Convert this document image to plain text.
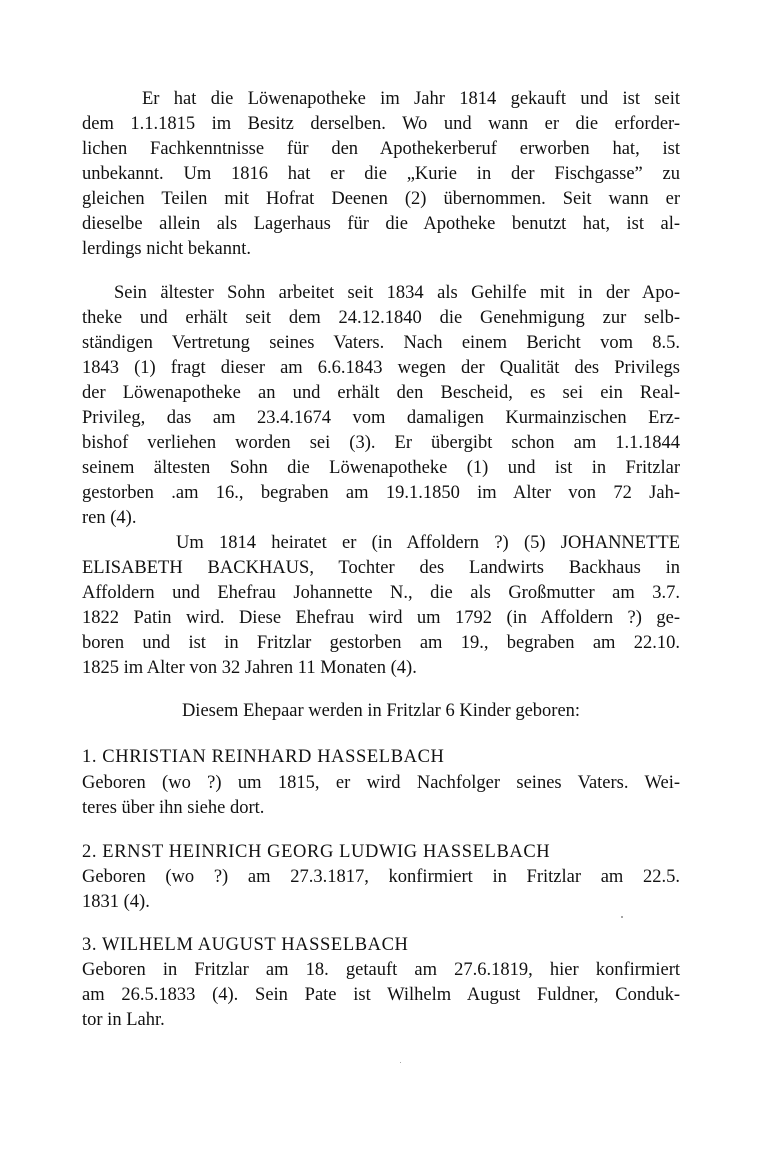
Er hat die Löwenapotheke im Jahr 1814 gekauft und ist seit
dem 1.1.1815 im Besitz derselben. Wo und wann er die erforder-
lichen Fachkenntnisse für den Apothekerberuf erworben hat, ist
unbekannt. Um 1816 hat er die „Kurie in der Fischgasse” zu
gleichen Teilen mit Hofrat Deenen (2) übernommen. Seit wann er
dieselbe allein als Lagerhaus für die Apotheke benutzt hat, ist al-
lerdings nicht bekannt.
Sein ältester Sohn arbeitet seit 1834 als Gehilfe mit in der Apo-
theke und erhält seit dem 24.12.1840 die Genehmigung zur selb-
ständigen Vertretung seines Vaters. Nach einem Bericht vom 8.5.
1843 (1) fragt dieser am 6.6.1843 wegen der Qualität des Privilegs
der Löwenapotheke an und erhält den Bescheid, es sei ein Real-
Privileg, das am 23.4.1674 vom damaligen Kurmainzischen Erz-
bishof verliehen worden sei (3). Er übergibt schon am 1.1.1844
seinem ältesten Sohn die Löwenapotheke (1) und ist in Fritzlar
gestorben .am 16., begraben am 19.1.1850 im Alter von 72 Jah-
ren (4).
Um 1814 heiratet er (in Affoldern ?) (5) JOHANNETTE
ELISABETH BACKHAUS, Tochter des Landwirts Backhaus in
Affoldern und Ehefrau Johannette N., die als Großmutter am 3.7.
1822 Patin wird. Diese Ehefrau wird um 1792 (in Affoldern ?) ge-
boren und ist in Fritzlar gestorben am 19., begraben am 22.10.
1825 im Alter von 32 Jahren 11 Monaten (4).
Diesem Ehepaar werden in Fritzlar 6 Kinder geboren:
1. CHRISTIAN REINHARD HASSELBACH
Geboren (wo ?) um 1815, er wird Nachfolger seines Vaters. Wei-
teres über ihn siehe dort.
2. ERNST HEINRICH GEORG LUDWIG HASSELBACH
Geboren (wo ?) am 27.3.1817, konfirmiert in Fritzlar am 22.5.
1831 (4).
3. WILHELM AUGUST HASSELBACH
Geboren in Fritzlar am 18. getauft am 27.6.1819, hier konfirmiert
am 26.5.1833 (4). Sein Pate ist Wilhelm August Fuldner, Conduk-
tor in Lahr.
